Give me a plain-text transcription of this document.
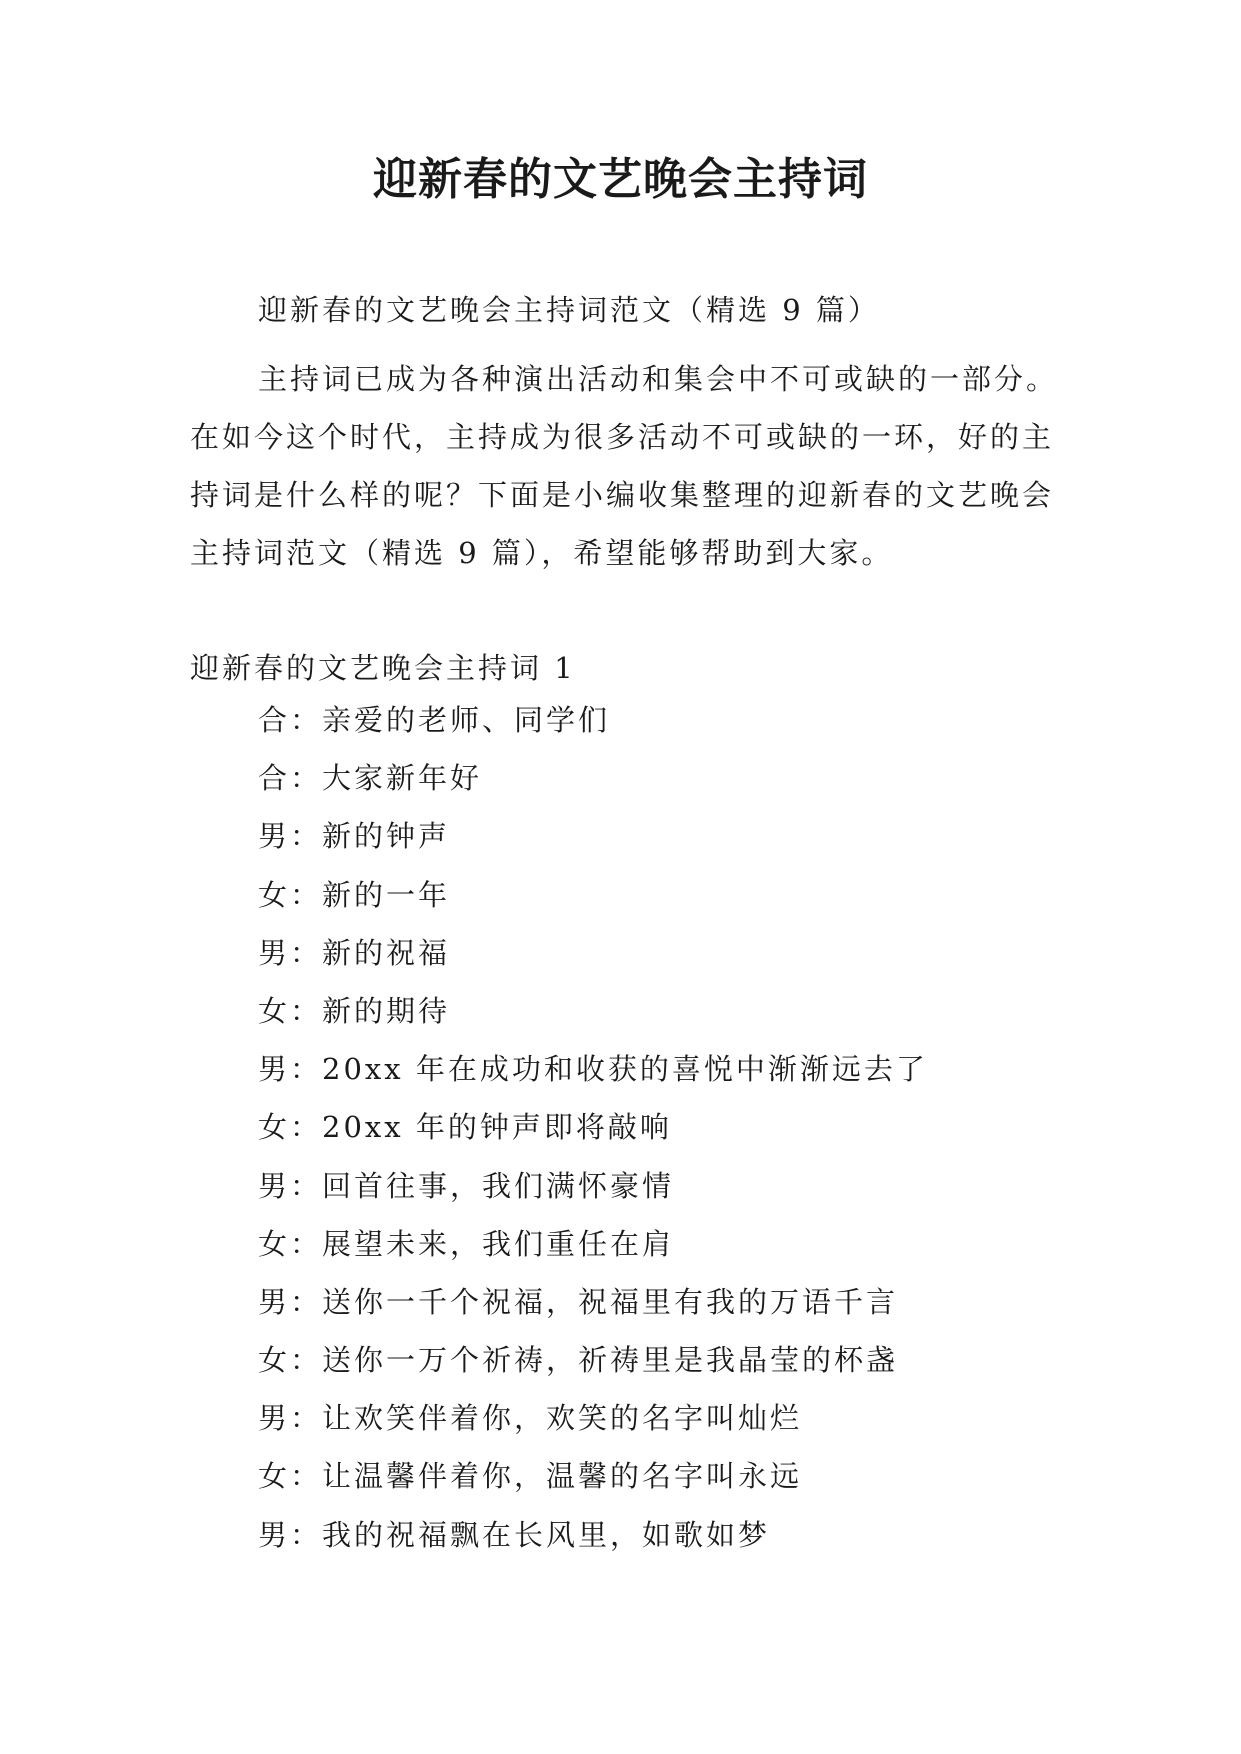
迎新春的文艺晚会主持词

迎新春的文艺晚会主持词范文（精选 9 篇）

主持词已成为各种演出活动和集会中不可或缺的一部分。在如今这个时代，主持成为很多活动不可或缺的一环，好的主持词是什么样的呢？下面是小编收集整理的迎新春的文艺晚会主持词范文（精选 9 篇），希望能够帮助到大家。

迎新春的文艺晚会主持词 1

合：亲爱的老师、同学们
合：大家新年好
男：新的钟声
女：新的一年
男：新的祝福
女：新的期待
男：20xx 年在成功和收获的喜悦中渐渐远去了
女：20xx 年的钟声即将敲响
男：回首往事，我们满怀豪情
女：展望未来，我们重任在肩
男：送你一千个祝福，祝福里有我的万语千言
女：送你一万个祈祷，祈祷里是我晶莹的杯盏
男：让欢笑伴着你，欢笑的名字叫灿烂
女：让温馨伴着你，温馨的名字叫永远
男：我的祝福飘在长风里，如歌如梦
